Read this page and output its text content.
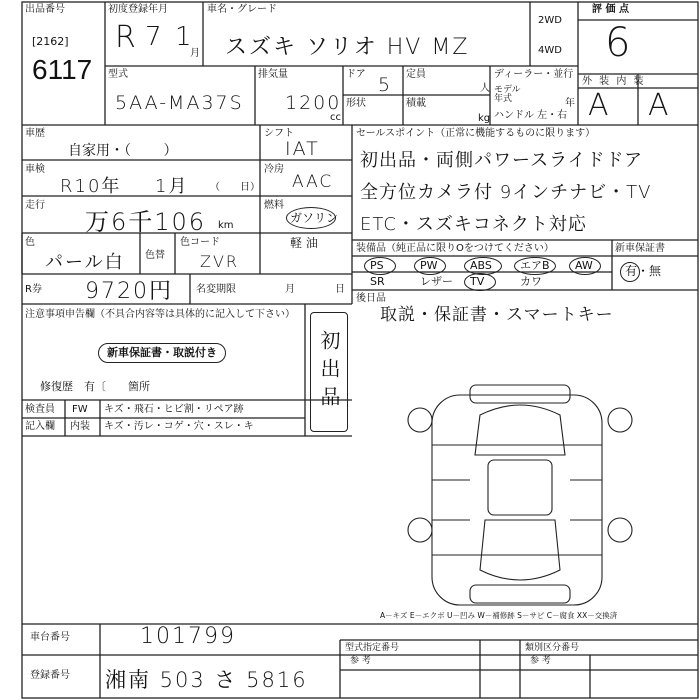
出品番号
[2162]
6117
初度登録年月
R 7 1
月
車名・グレード
スズキ ソリオ HV MZ
2WD
4WD
評 価 点
6
型式
5AA-MA37S
排気量
1200
cc
ドア 5
形状
定員
人
積載
kg
ディーラー・並行
モデル
年式	年
ハンドル 左・右
外 装 内 装
A A
車歴
自家用・（ 　　）
シフト
IAT
車検
R10年 1月 （　　日）
冷房
AAC
走行
万6千106 km
燃料
ガソリン
軽 油
色
パール白 色替
色コード
ZVR
R券 9720円 名変期限	月	日
セールスポイント（正常に機能するものに限ります）
初出品・両側パワースライドドア
全方位カメラ付 9インチナビ・TV
ETC・スズキコネクト対応
装備品（純正品に限りOをつけてください）	新車保証書
有・無
PS	PW	ABS	エアB AW
SR	レザー TV	カワ
後日品
取説・保証書・スマートキー
注意事項申告欄（不具合内容等は具体的に記入して下さい）
新車保証書・取説付き
修復歴　有〔　　箇所	初出品
検査員
記入欄
FW キズ・飛石・ヒビ割・リペア跡
内装 キズ・汚レ・コゲ・穴・スレ・キ
A－キズ E－エクボ U－凹み W－補修跡 S－サビ C－腐食 XX－交換済
車台番号	101799
登録番号 湘南 503 さ 5816
型式指定番号
参 考
類別区分番号
参 考
